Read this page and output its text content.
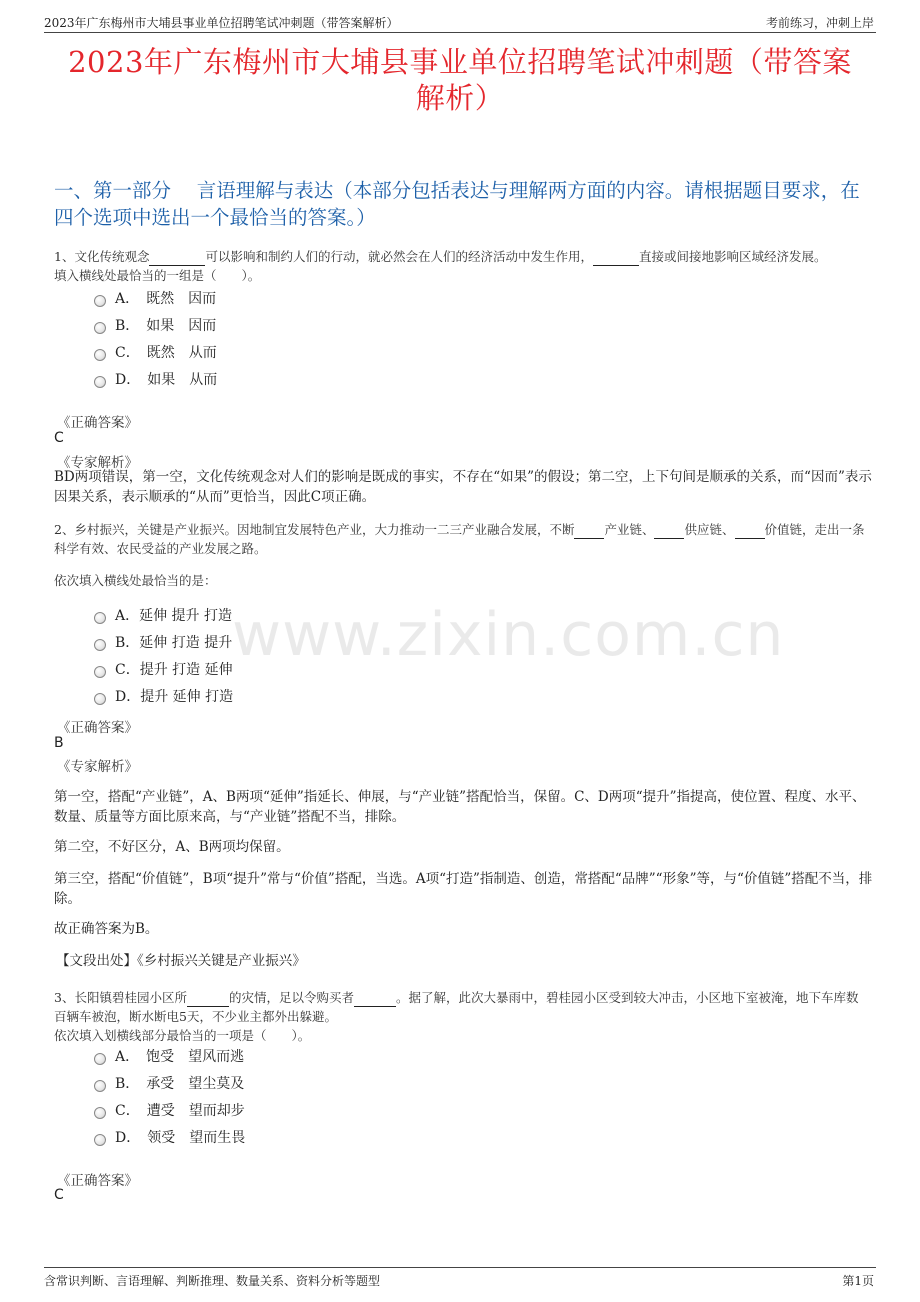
2023年广东梅州市大埔县事业单位招聘笔试冲刺题（带答案解析）	考前练习，冲刺上岸
2023年广东梅州市大埔县事业单位招聘笔试冲刺题（带答案解析）
一、第一部分　 言语理解与表达（本部分包括表达与理解两方面的内容。请根据题目要求，在四个选项中选出一个最恰当的答案。）
www.zixin.com.cn
1、文化传统观念	可以影响和制约人们的行动，就必然会在人们的经济活动中发生作用，	直接或间接地影响区域经济发展。
填入横线处最恰当的一组是（　　）。
A．　既然　因而
B．　如果　因而
C．　既然　从而
D．　如果　从而
《正确答案》
C
《专家解析》
BD两项错误，第一空，文化传统观念对人们的影响是既成的事实，不存在“如果”的假设；第二空，上下句间是顺承的关系，而“因而”表示因果关系，表示顺承的“从而”更恰当，因此C项正确。
2、乡村振兴，关键是产业振兴。因地制宜发展特色产业，大力推动一二三产业融合发展，不断 产业链、 供应链、 价值链，走出一条科学有效、农民受益的产业发展之路。
依次填入横线处最恰当的是：
A．延伸 提升 打造
B．延伸 打造 提升
C．提升 打造 延伸
D．提升 延伸 打造
《正确答案》
B
《专家解析》
第一空，搭配“产业链”，A、B两项“延伸”指延长、伸展，与“产业链”搭配恰当，保留。C、D两项“提升”指提高，使位置、程度、水平、数量、质量等方面比原来高，与“产业链”搭配不当，排除。
第二空，不好区分，A、B两项均保留。
第三空，搭配“价值链”，B项“提升”常与“价值”搭配，当选。A项“打造”指制造、创造，常搭配“品牌”“形象”等，与“价值链”搭配不当，排除。
故正确答案为B。
【文段出处】《乡村振兴关键是产业振兴》
3、长阳镇碧桂园小区所	的灾情，足以令购买者	。据了解，此次大暴雨中，碧桂园小区受到较大冲击，小区地下室被淹，地下车库数百辆车被泡，断水断电5天，不少业主都外出躲避。
依次填入划横线部分最恰当的一项是（　　）。
A．　饱受　望风而逃
B．　承受　望尘莫及
C．　遭受　望而却步
D．　领受　望而生畏
《正确答案》
C
含常识判断、言语理解、判断推理、数量关系、资料分析等题型	第1页
